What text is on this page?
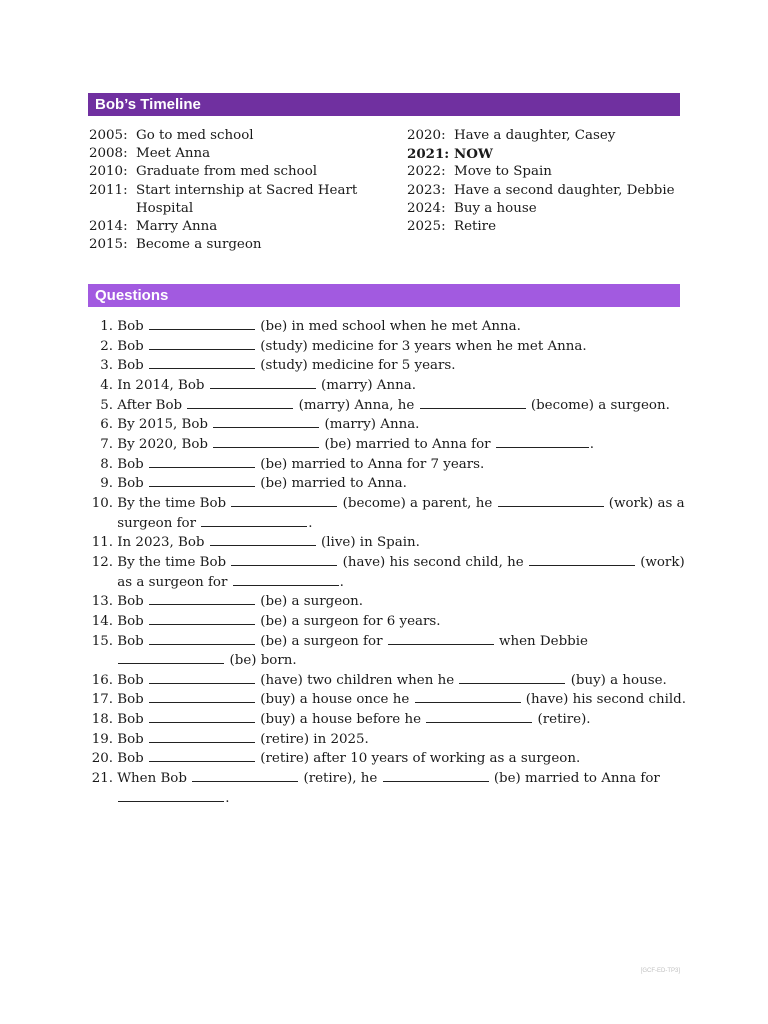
Bob’s Timeline
2005: Go to med school
2008: Meet Anna
2010: Graduate from med school
2011: Start internship at Sacred Heart Hospital
2014: Marry Anna
2015: Become a surgeon
2020: Have a daughter, Casey
2021: NOW
2022: Move to Spain
2023: Have a second daughter, Debbie
2024: Buy a house
2025: Retire
Questions
1.
Bob	(be) in med school when he met Anna.
2.
Bob	(study) medicine for 3 years when he met Anna.
3.
Bob	(study) medicine for 5 years.
4.
In 2014, Bob	(marry) Anna.
5.
After Bob	(marry) Anna, he	(become) a surgeon.
6.
By 2015, Bob	(marry) Anna.
7.
By 2020, Bob	(be) married to Anna for	.
8.
Bob	(be) married to Anna for 7 years.
9.
Bob	(be) married to Anna.
10.
By the time Bob	(become) a parent, he	(work) as a surgeon for	.
11.
In 2023, Bob	(live) in Spain.
12.
By the time Bob	(have) his second child, he	(work) as a surgeon for	.
13.
Bob	(be) a surgeon.
14.
Bob	(be) a surgeon for 6 years.
15.
Bob	(be) a surgeon for	when Debbie  (be) born.
16.
Bob	(have) two children when he	(buy) a house.
17.
Bob	(buy) a house once he	(have) his second child.
18.
Bob	(buy) a house before he	(retire).
19.
Bob	(retire) in 2025.
20.
Bob	(retire) after 10 years of working as a surgeon.
21.
When Bob	(retire), he	(be) married to Anna for .
[GCF-ED-TP3]
